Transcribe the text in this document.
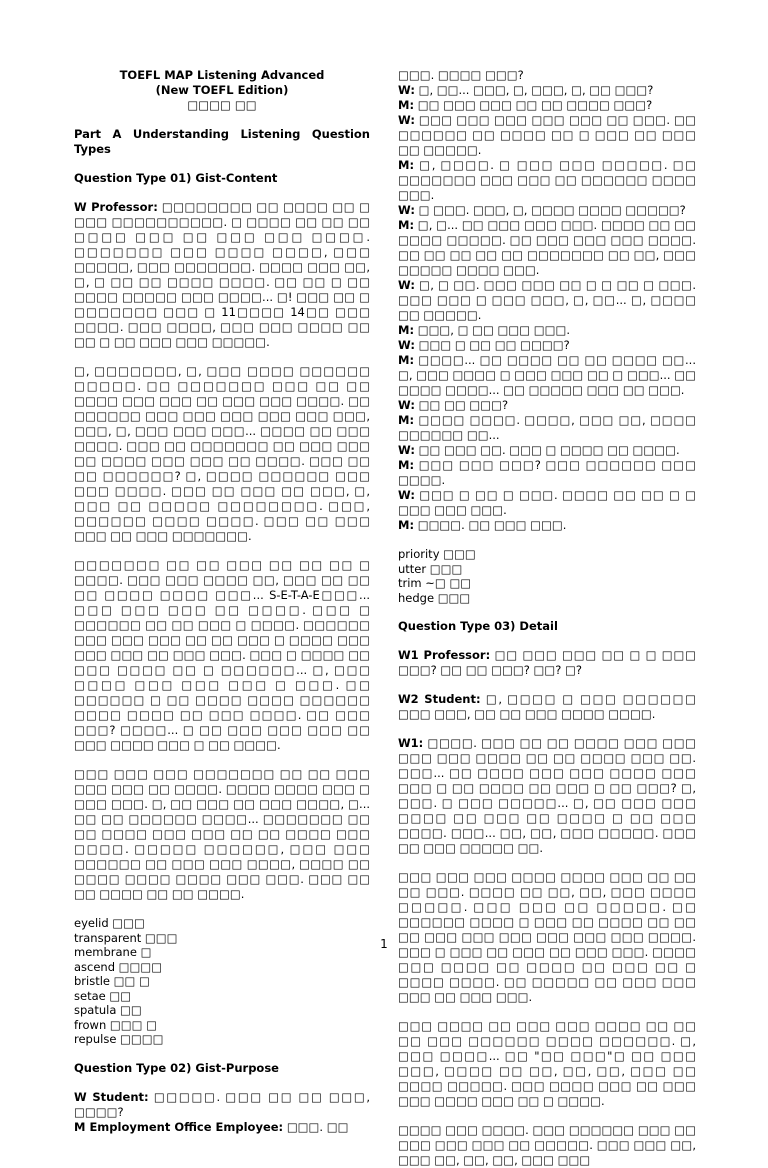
TOEFL MAP Listening Advanced
(New TOEFL Edition)
□□□□ □□
Part A Understanding Listening Question Types
Question Type 01) Gist-Content

W Professor: □□□□□□□□ □□ □□□□ □□ □ □□□ □□□□□□□□□□. □ □□□□ □□ □□ □□ □□□□ □□□ □□ □□□ □□□ □□□□. □□□□□□□ □□□ □□□□ □□□□, □□□ □□□□□, □□□ □□□□□□□. □□□□ □□□ □□, □, □ □□ □□ □□□□ □□□□. □□ □□ □ □□ □□□□ □□□□□ □□□ □□□□... □! □□□ □□ □ □□□□□□□ □□□ □ 11□□□□ 14□□ □□□ □□□□. □□□ □□□□, □□□ □□□ □□□□ □□ □□ □ □□ □□□ □□□ □□□□□.

□, □□□□□□□, □, □□□ □□□□ □□□□□□ □□□□□. □□ □□□□□□□ □□□ □□ □□ □□□□ □□□ □□□ □□ □□□ □□□ □□□□. □□ □□□□□□ □□□ □□□ □□□ □□□ □□□ □□□, □□□, □, □□□ □□□ □□□... □□□□ □□ □□□ □□□□. □□□ □□ □□□□□□□ □□ □□□ □□□ □□ □□□□ □□□ □□□ □□ □□□□. □□□ □□ □□ □□□□□□? □, □□□□ □□□□□□ □□□ □□□ □□□□. □□□ □□ □□□ □□ □□□, □, □□□ □□ □□□□□ □□□□□□□□. □□□, □□□□□□ □□□□ □□□□. □□□ □□ □□□ □□□ □□ □□□ □□□□□□□.

□□□□□□□ □□ □□ □□□ □□ □□ □□ □ □□□□. □□□ □□□ □□□□ □□, □□□ □□ □□ □□ □□□□ □□□□ □□□... S-E-T-A-E□□□... □□□ □□□ □□□ □□ □□□□. □□□ □ □□□□□□ □□ □□ □□□ □ □□□□. □□□□□□ □□□ □□□ □□□ □□ □□ □□□ □ □□□□ □□□ □□□ □□□ □□ □□□ □□□. □□□ □ □□□□ □□ □□□ □□□□ □□ □ □□□□□□... □, □□□ □□□□ □□□ □□□ □□□ □ □□□. □□ □□□□□□ □ □□ □□□□ □□□□ □□□□□□ □□□□ □□□□ □□ □□□ □□□□. □□ □□□ □□□? □□□□... □ □□ □□□ □□□ □□□ □□ □□□ □□□□ □□□ □ □□ □□□□.

□□□ □□□ □□□ □□□□□□□ □□ □□ □□□ □□□ □□□ □□ □□□□. □□□□ □□□□ □□□ □ □□□ □□□. □, □□ □□□ □□ □□□ □□□□, □... □□ □□ □□□□□□ □□□□... □□□□□□□ □□ □□ □□□□ □□□ □□□ □□ □□ □□□□ □□□ □□□□. □□□□□ □□□□□□, □□□ □□□ □□□□□□ □□ □□□ □□□ □□□□, □□□□ □□ □□□□ □□□□ □□□□ □□□ □□□. □□□ □□ □□ □□□□ □□ □□ □□□□.

eyelid □□□
transparent □□□
membrane □
ascend □□□□
bristle □□ □
setae □□
spatula □□
frown □□□ □
repulse □□□□
Question Type 02) Gist-Purpose

W Student: □□□□□. □□□ □□ □□ □□□, □□□□?

M Employment Office Employee: □□□. □□

□□□. □□□□ □□□?

W: □, □□... □□□, □, □□□, □, □□ □□□?

M: □□ □□□ □□□ □□ □□ □□□□ □□□?

W: □□□ □□□ □□□ □□□ □□□ □□ □□□. □□ □□□□□□ □□ □□□□ □□ □ □□□ □□ □□□ □□ □□□□□.

M: □, □□□□. □ □□□ □□□ □□□□□. □□ □□□□□□□ □□□ □□□ □□ □□□□□□ □□□□ □□□.

W: □ □□□. □□□, □, □□□□ □□□□ □□□□□?

M: □, □... □□ □□□ □□□ □□□. □□□□ □□ □□ □□□□ □□□□□. □□ □□□ □□□ □□□ □□□□. □□ □□ □□ □□ □□ □□□□□□□ □□ □□, □□□ □□□□□ □□□□ □□□.

W: □, □ □□. □□□ □□□ □□ □ □ □□ □ □□□. □□□ □□□ □ □□□ □□□, □, □□... □, □□□□ □□ □□□□□.

M: □□□, □ □□ □□□ □□□.

W: □□□ □ □□ □□ □□□□?

M: □□□□... □□ □□□□ □□ □□ □□□□ □□... □, □□□ □□□□ □ □□□ □□□ □□ □ □□□... □□ □□□□ □□□□... □□ □□□□□ □□□ □□ □□□.

W: □□ □□ □□□?

M: □□□□ □□□□. □□□□, □□□ □□, □□□□ □□□□□□ □□...

W: □□ □□□ □□. □□□ □ □□□□ □□ □□□□.

M: □□□ □□□ □□□? □□□ □□□□□□ □□□ □□□□.

W: □□□ □ □□ □ □□□. □□□□ □□ □□ □ □ □□□ □□□ □□□.

M: □□□□. □□ □□□ □□□.

priority □□□
utter □□□
trim ~□ □□
hedge □□□
Question Type 03) Detail

W1 Professor: □□ □□□ □□□ □□ □ □ □□□ □□□? □□ □□ □□□? □□? □?

W2 Student: □, □□□□ □ □□□ □□□□□□ □□□ □□□, □□ □□ □□□ □□□□ □□□□.

W1: □□□□. □□□ □□ □□ □□□□ □□□ □□□ □□□ □□□ □□□□ □□ □□ □□□□ □□□ □□. □□□... □□ □□□□ □□□ □□□ □□□□ □□□ □□□ □ □□ □□□□ □□ □□□ □ □□ □□□? □, □□□. □ □□□ □□□□□... □, □□ □□□ □□□ □□□□ □□ □□□ □□ □□□□ □ □□ □□□ □□□□. □□□... □□, □□, □□□ □□□□□. □□□ □□ □□□ □□□□□ □□.

□□□ □□□ □□□ □□□□ □□□□ □□□ □□ □□ □□ □□□. □□□□ □□ □□, □□, □□□ □□□□ □□□□□. □□□ □□□ □□ □□□□□. □□ □□□□□□ □□□□ □ □□□ □□ □□□□ □□ □□ □□ □□□ □□□ □□□ □□□ □□□ □□□ □□□□. □□□ □ □□□ □□ □□□ □□ □□□ □□□. □□□□ □□□ □□□□ □□ □□□□ □□ □□□ □□ □ □□□□ □□□□. □□ □□□□□ □□ □□□ □□□ □□□ □□ □□□ □□□.

□□□ □□□□ □□ □□□ □□□ □□□□ □□ □□ □□ □□□ □□□□□□ □□□□ □□□□□□. □, □□□ □□□□... □□ "□□ □□□"□ □□ □□□ □□□, □□□□ □□ □□, □□, □□, □□□ □□ □□□□ □□□□□. □□□ □□□□ □□□ □□ □□□ □□□ □□□□ □□□ □□ □ □□□□.

□□□□ □□□ □□□□. □□□ □□□□□□ □□□ □□ □□□ □□□ □□□ □□ □□□□□. □□□ □□□ □□, □□□ □□, □□, □□, □□□ □□□

1
